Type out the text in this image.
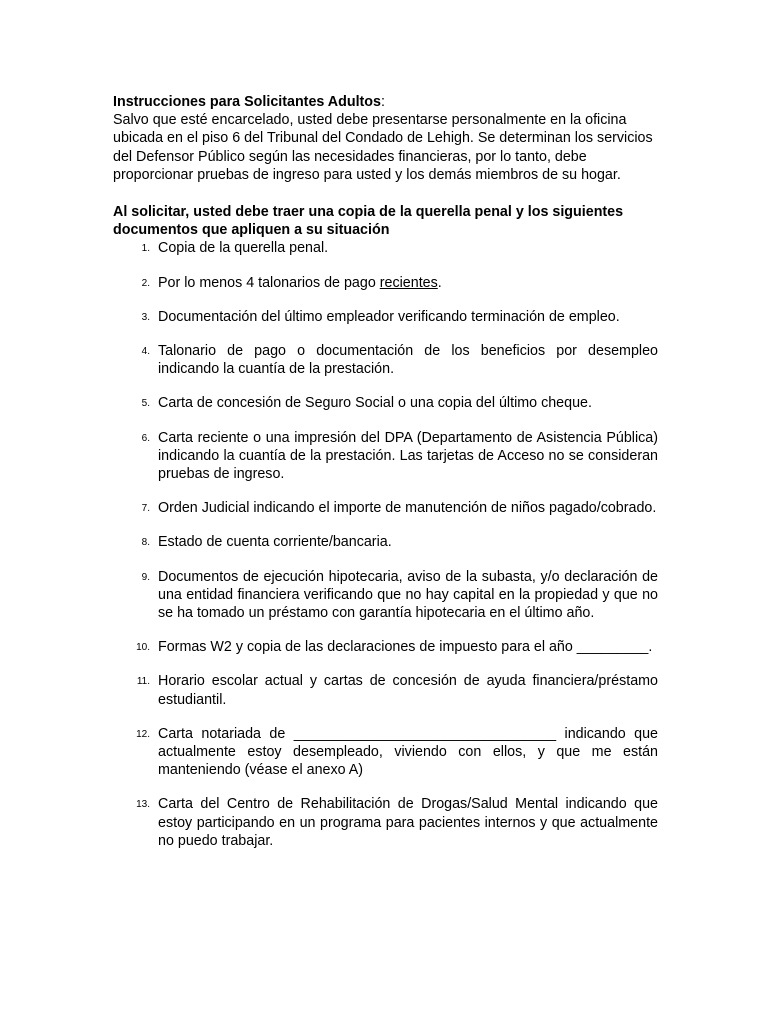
Instrucciones para Solicitantes Adultos:

Salvo que esté encarcelado, usted debe presentarse personalmente en la oficina ubicada en el piso 6 del Tribunal del Condado de Lehigh. Se determinan los servicios del Defensor Público según las necesidades financieras, por lo tanto, debe proporcionar pruebas de ingreso para usted y los demás miembros de su hogar.

Al solicitar, usted debe traer una copia de la querella penal y los siguientes documentos que apliquen a su situación

1. Copia de la querella penal.
2. Por lo menos 4 talonarios de pago recientes.
3. Documentación del último empleador verificando terminación de empleo.
4. Talonario de pago o documentación de los beneficios por desempleo indicando la cuantía de la prestación.
5. Carta de concesión de Seguro Social o una copia del último cheque.
6. Carta reciente o una impresión del DPA (Departamento de Asistencia Pública) indicando la cuantía de la prestación. Las tarjetas de Acceso no se consideran pruebas de ingreso.
7. Orden Judicial indicando el importe de manutención de niños pagado/cobrado.
8. Estado de cuenta corriente/bancaria.
9. Documentos de ejecución hipotecaria, aviso de la subasta, y/o declaración de una entidad financiera verificando que no hay capital en la propiedad y que no se ha tomado un préstamo con garantía hipotecaria en el último año.
10. Formas W2 y copia de las declaraciones de impuesto para el año _________.
11. Horario escolar actual y cartas de concesión de ayuda financiera/préstamo estudiantil.
12. Carta notariada de _________________________________ indicando que actualmente estoy desempleado, viviendo con ellos, y que me están manteniendo (véase el anexo A)
13. Carta del Centro de Rehabilitación de Drogas/Salud Mental indicando que estoy participando en un programa para pacientes internos y que actualmente no puedo trabajar.
